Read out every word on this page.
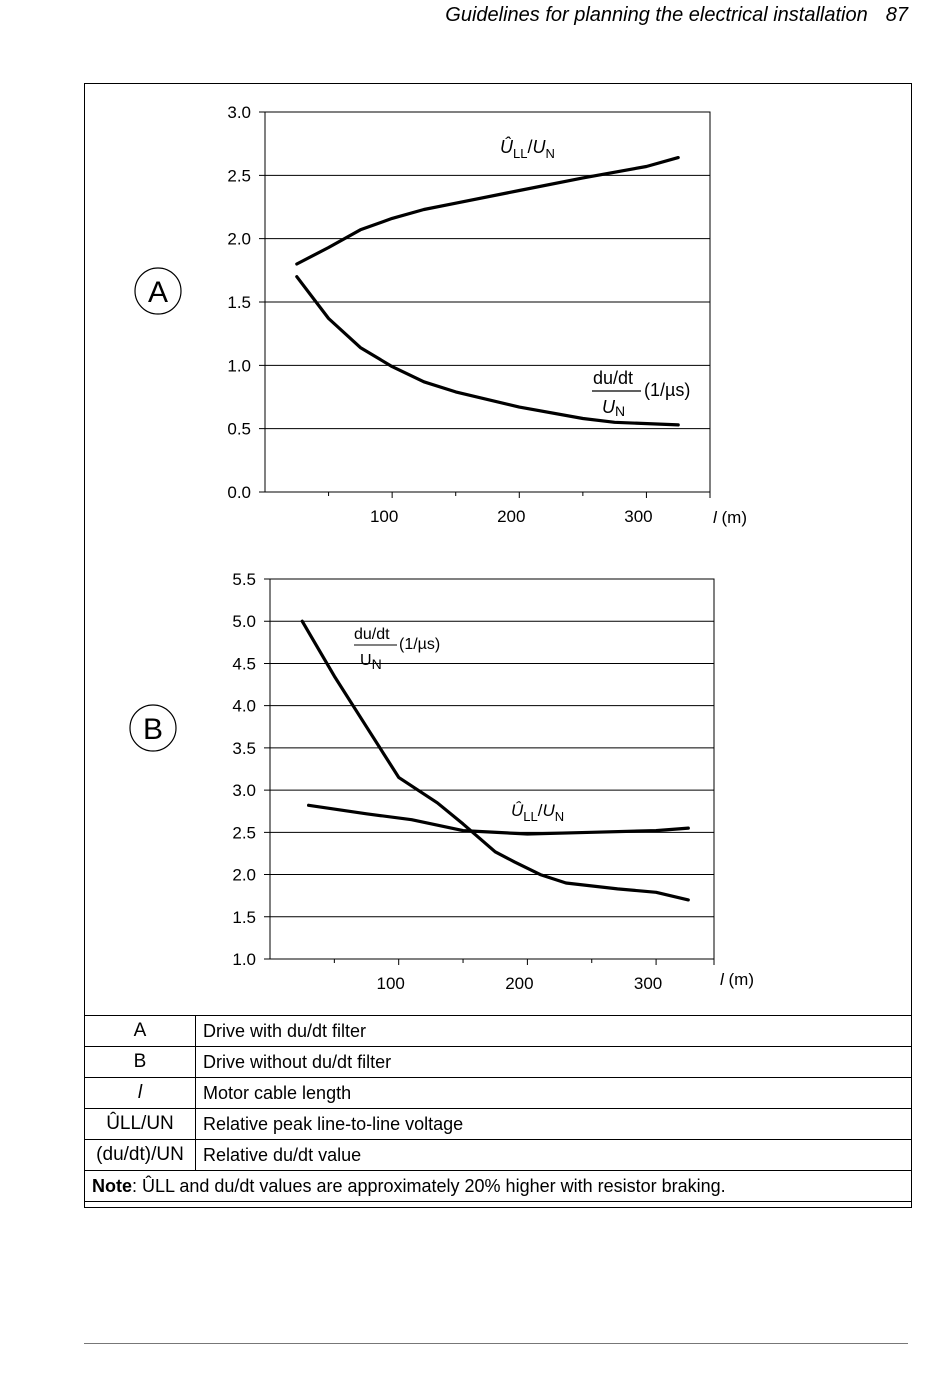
Guidelines for planning the electrical installation 87
A
0.0
0.5
1.0
1.5
2.0
2.5
3.0
100	200	300	l (m)
$Û_{LL}/U_N$
du/dt
UN
(1/µs)
B
1.0
1.5
2.0
2.5
3.0
3.5
4.0
4.5
5.0
5.5
100	200	300	l (m)
du/dt
UN
(1/µs)
$Û_{LL}/U_N$
A	Drive with du/dt filter
B	Drive without du/dt filter
l	Motor cable length
ÛLL/UN	Relative peak line-to-line voltage
(du/dt)/UN	Relative du/dt value
Note: ÛLL and du/dt values are approximately 20% higher with resistor braking.	
